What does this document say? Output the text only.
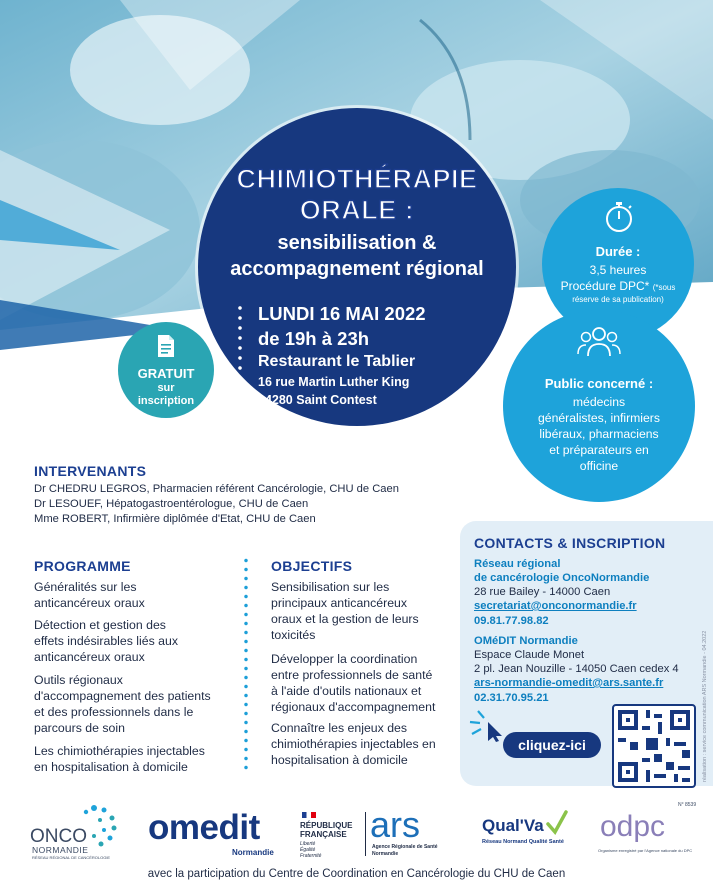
CHIMIOTHÉRAPIE
ORALE :
sensibilisation &
accompagnement régional
LUNDI 16 MAI 2022
de 19h à 23h
Restaurant le Tablier
16 rue Martin Luther King
14280 Saint Contest
GRATUIT
sur
inscription
Durée :
3,5 heures
Procédure DPC* (*sous
réserve de sa publication)
Public concerné :
médecins
généralistes, infirmiers
libéraux, pharmaciens
et préparateurs en
officine
INTERVENANTS
Dr CHEDRU LEGROS, Pharmacien référent Cancérologie, CHU de Caen
Dr LESOUEF, Hépatogastroentérologue, CHU de Caen
Mme ROBERT, Infirmière diplômée d'Etat, CHU de Caen
PROGRAMME
Généralités sur les
anticancéreux oraux
Détection et gestion des
effets indésirables liés aux
anticancéreux oraux
Outils régionaux
d'accompagnement des patients
et des professionnels dans le
parcours de soin
Les chimiothérapies injectables
en hospitalisation à domicile
OBJECTIFS
Sensibilisation sur les
principaux anticancéreux
oraux et la gestion de leurs
toxicités
Développer la coordination
entre professionnels de santé
à l'aide d'outils nationaux et
régionaux d'accompagnement
Connaître les enjeux des
chimiothérapies injectables en
hospitalisation à domicile
CONTACTS & INSCRIPTION
Réseau régional
de cancérologie OncoNormandie
28 rue Bailey - 14000 Caen
secretariat@onconormandie.fr
09.81.77.98.82
OMéDIT Normandie
Espace Claude Monet
2 pl. Jean Nouzille - 14050 Caen cedex 4
ars-normandie-omedit@ars.sante.fr
02.31.70.95.21
cliquez-ici	réalisation : service communication ARS Normandie - 04.2022
ONCO
NORMANDIE
RÉSEAU RÉGIONAL DE CANCÉROLOGIE
omedit
Normandie
RÉPUBLIQUE
FRANÇAISE
Liberté
Égalité
Fraternité
ars
Agence Régionale de Santé
Normandie
Qual'Va
Réseau Normand Qualité Santé
N° 8539
odpc
Organisme enregistré par l'Agence nationale du DPC
avec la participation du Centre de Coordination en Cancérologie du CHU de Caen
